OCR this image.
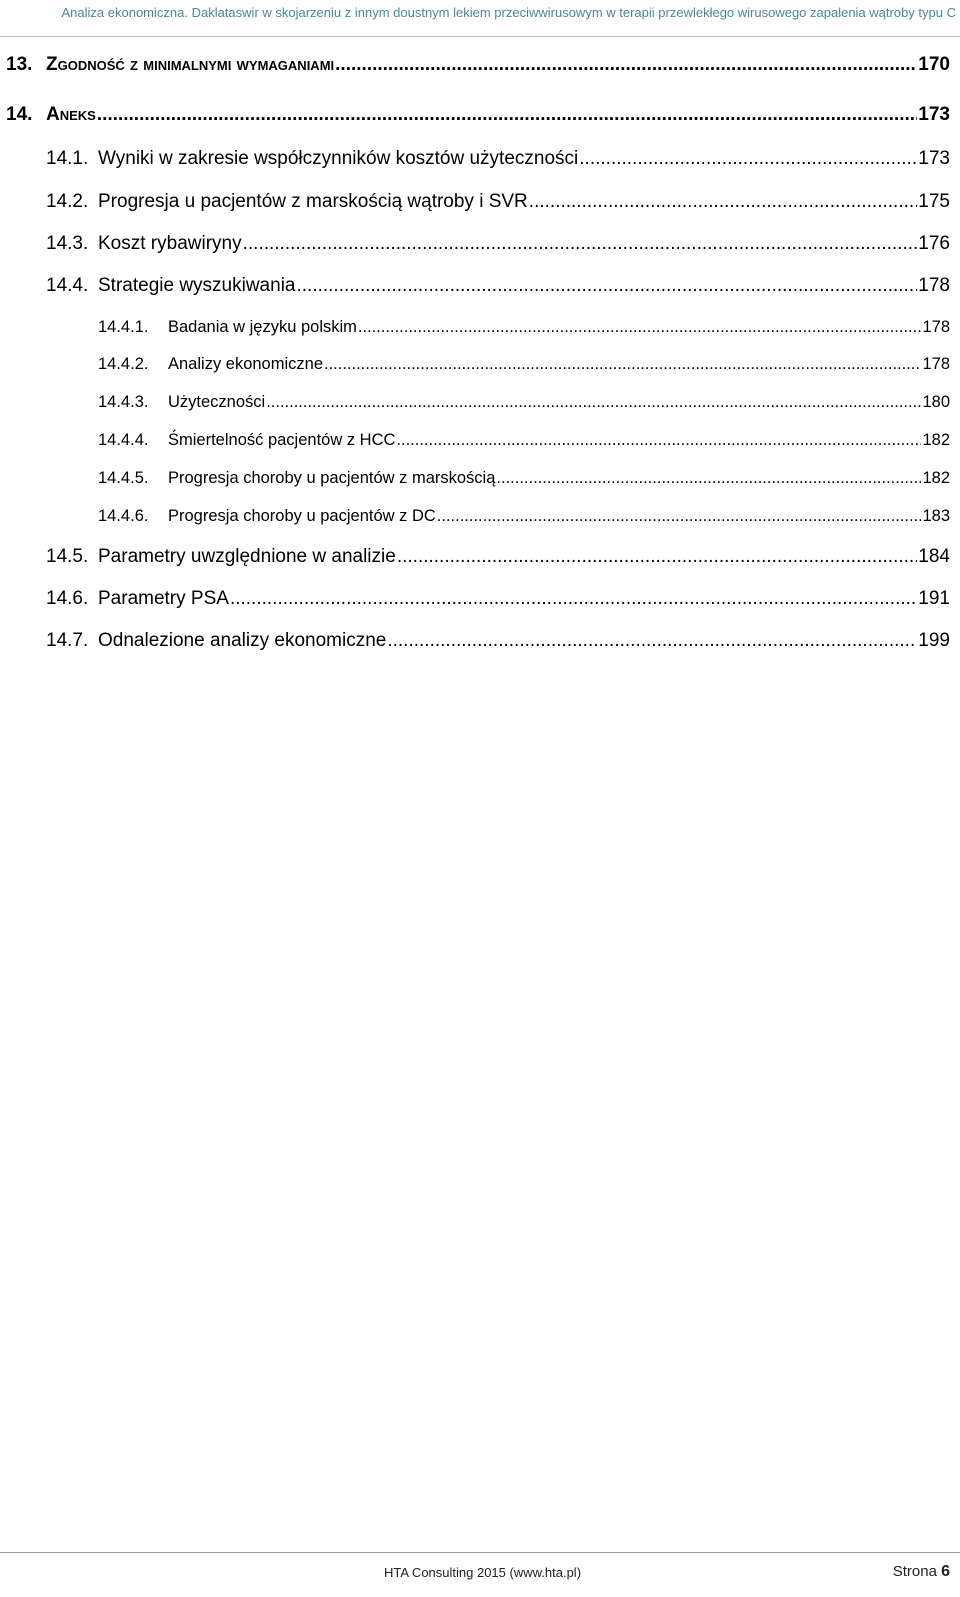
Analiza ekonomiczna. Daklataswir w skojarzeniu z innym doustnym lekiem przeciwwirusowym w terapii przewlekłego wirusowego zapalenia wątroby typu C
13. Zgodność z minimalnymi wymaganiami .....	170
14. Aneks .....	173
14.1. Wyniki w zakresie współczynników kosztów użyteczności .....	173
14.2. Progresja u pacjentów z marskością wątroby i SVR .....	175
14.3. Koszt rybawiryny .....	176
14.4. Strategie wyszukiwania .....	178
14.4.1.	Badania w języku polskim .....	178
14.4.2.	Analizy ekonomiczne .....	178
14.4.3.	Użyteczności .....	180
14.4.4.	Śmiertelność pacjentów z HCC .....	182
14.4.5.	Progresja choroby u pacjentów z marskością .....	182
14.4.6.	Progresja choroby u pacjentów z DC .....	183
14.5. Parametry uwzględnione w analizie .....	184
14.6. Parametry PSA .....	191
14.7. Odnalezione analizy ekonomiczne .....	199
HTA Consulting 2015 (www.hta.pl)	Strona 6
